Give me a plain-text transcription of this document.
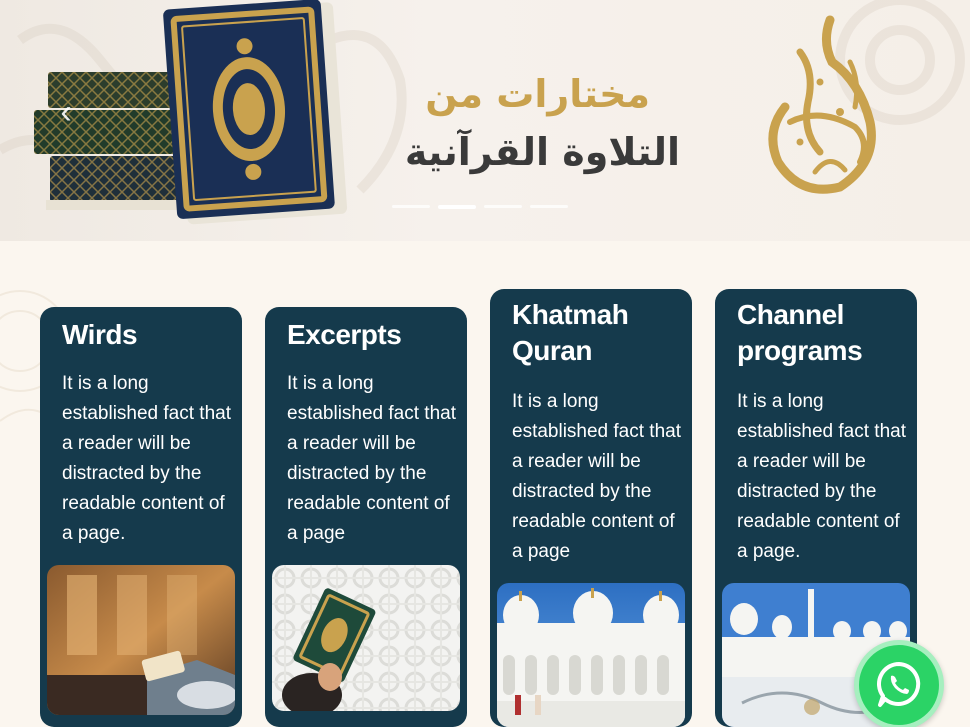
‹	مختارات من
التلاوة القرآنية
Wirds
It is a long established fact that a reader will be distracted by the readable content of a page.
Excerpts
It is a long established fact that a reader will be distracted by the readable content of a page
Khatmah Quran
It is a long established fact that a reader will be distracted by the readable content of a page
Channel programs
It is a long established fact that a reader will be distracted by the readable content of a page.
